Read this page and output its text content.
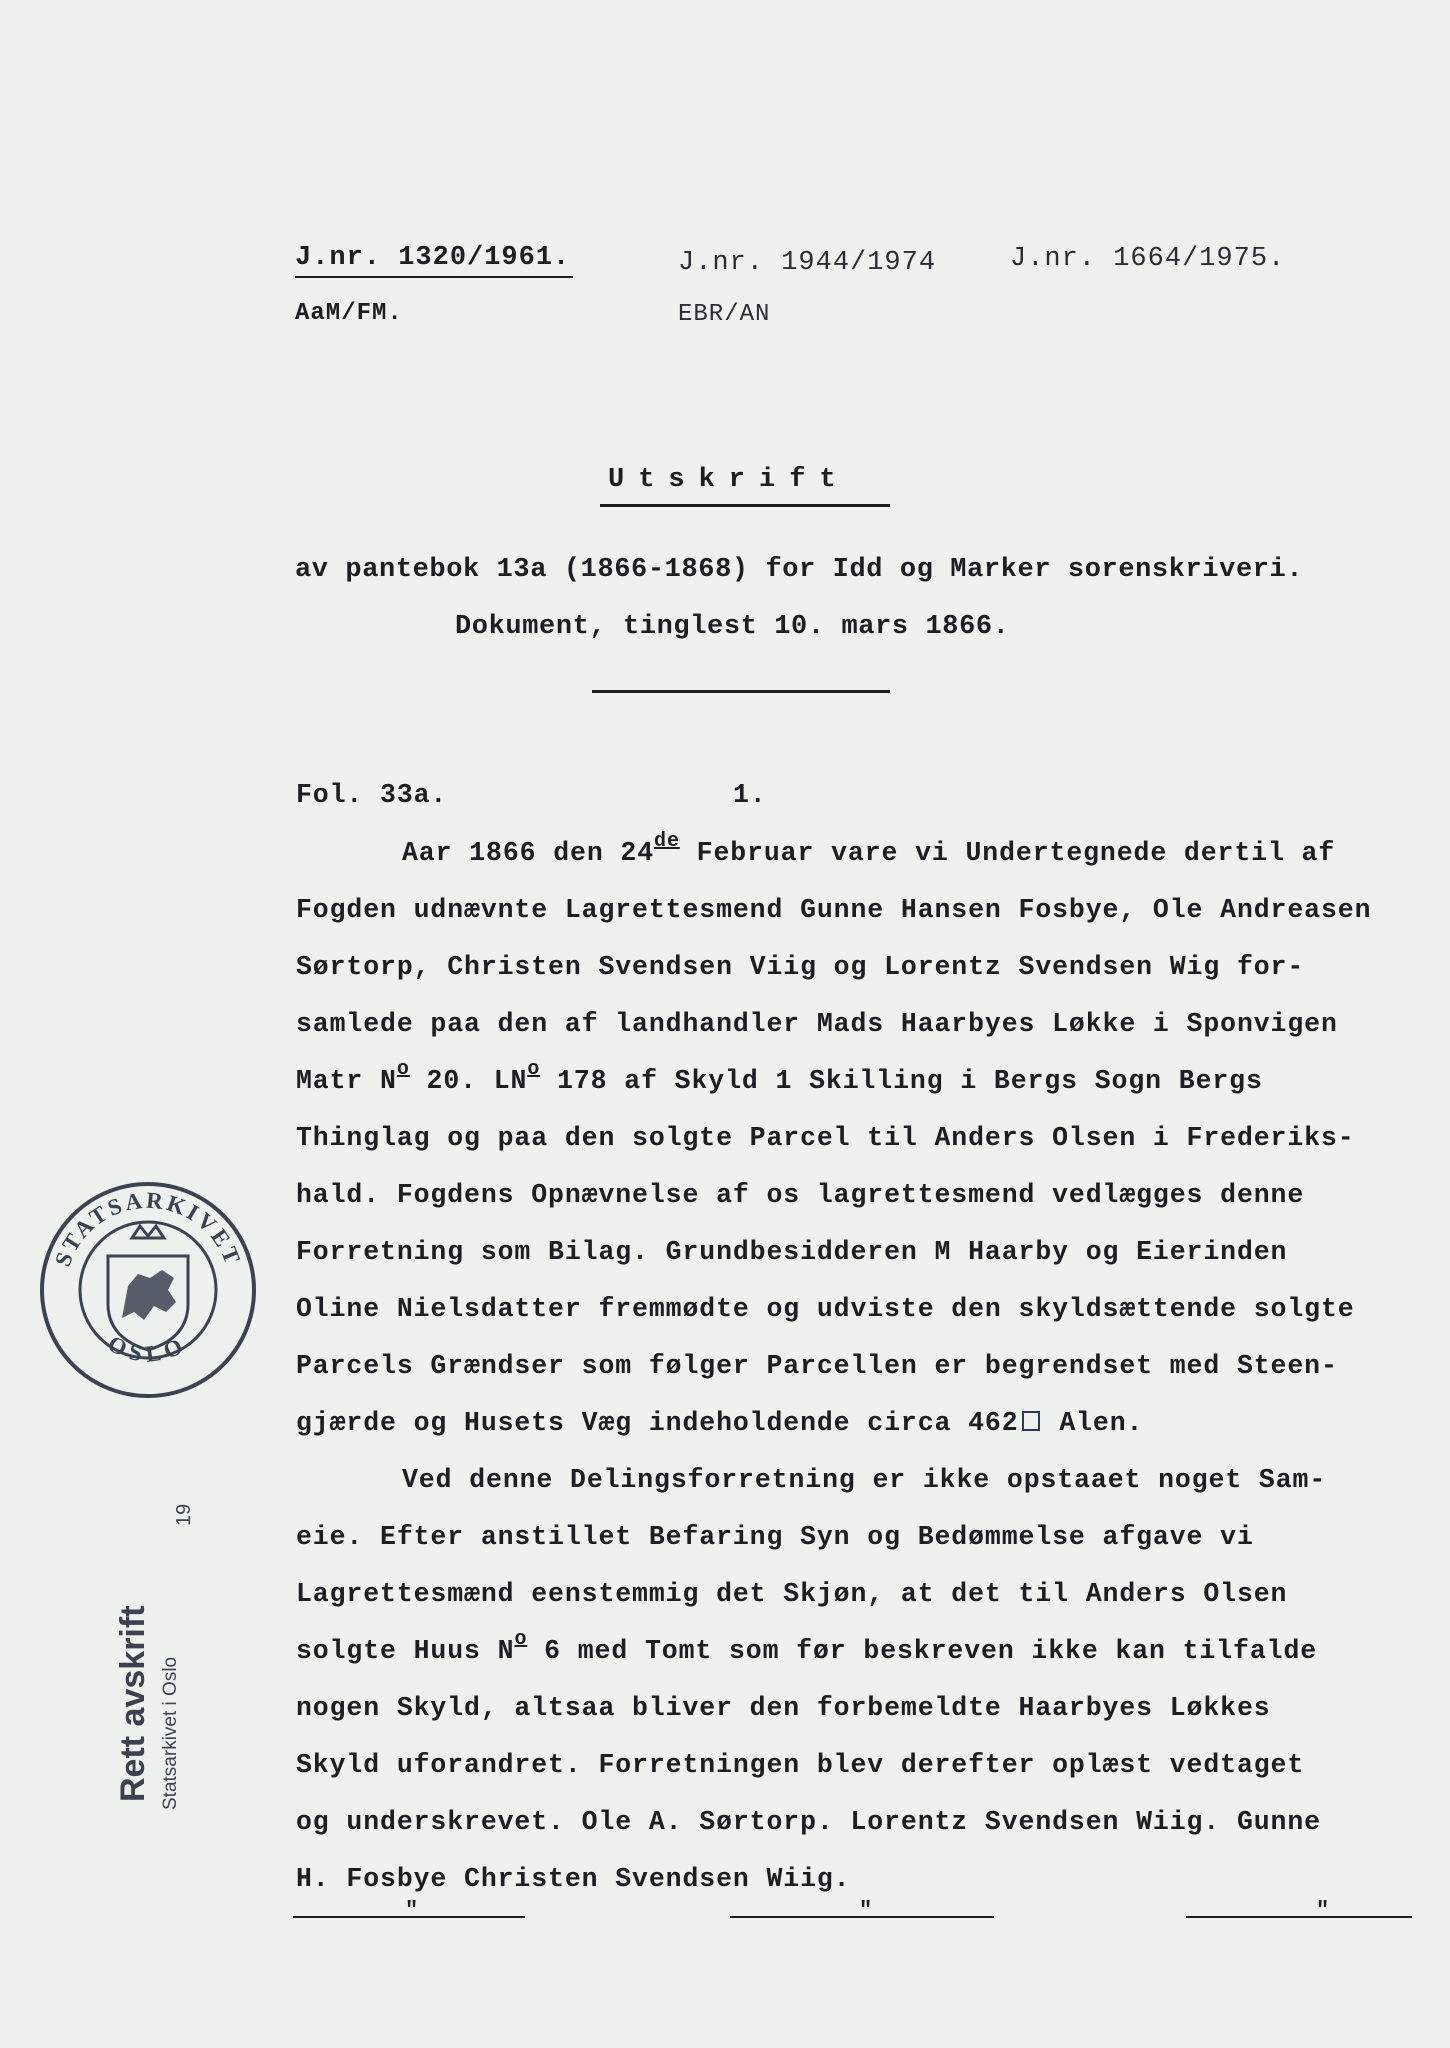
J.nr. 1320/1961.
AaM/FM.
J.nr. 1944/1974
EBR/AN
J.nr. 1664/1975.
Utskrift
av pantebok 13a (1866-1868) for Idd og Marker sorenskriveri.
Dokument, tinglest 10. mars 1866.
Fol. 33a.	1.
Aar 1866 den 24de Februar vare vi Undertegnede dertil af
Fogden udnævnte Lagrettesmend Gunne Hansen Fosbye, Ole Andreasen
Sørtorp, Christen Svendsen Viig og Lorentz Svendsen Wig for-
samlede paa den af landhandler Mads Haarbyes Løkke i Sponvigen
Matr $N^o$ 20. $LN^o$ 178 af Skyld 1 Skilling i Bergs Sogn Bergs
Thinglag og paa den solgte Parcel til Anders Olsen i Frederiks-
hald. Fogdens Opnævnelse af os lagrettesmend vedlægges denne
Forretning som Bilag. Grundbesidderen M Haarby og Eierinden
Oline Nielsdatter fremmødte og udviste den skyldsættende solgte
Parcels Grændser som følger Parcellen er begrendset med Steen-
gjærde og Husets Væg indeholdende circa 462 Alen.
Ved denne Delingsforretning er ikke opstaaet noget Sam-
eie. Efter anstillet Befaring Syn og Bedømmelse afgave vi
Lagrettesmænd eenstemmig det Skjøn, at det til Anders Olsen
solgte Huus $N^o$ 6 med Tomt som før beskreven ikke kan tilfalde
nogen Skyld, altsaa bliver den forbemeldte Haarbyes Løkkes
Skyld uforandret. Forretningen blev derefter oplæst vedtaget
og underskrevet. Ole A. Sørtorp. Lorentz Svendsen Wiig. Gunne
H. Fosbye Christen Svendsen Wiig.
"	"	"
STATSARKIVET
OSLO
Rett avskrift Statsarkivet i Oslo
19
